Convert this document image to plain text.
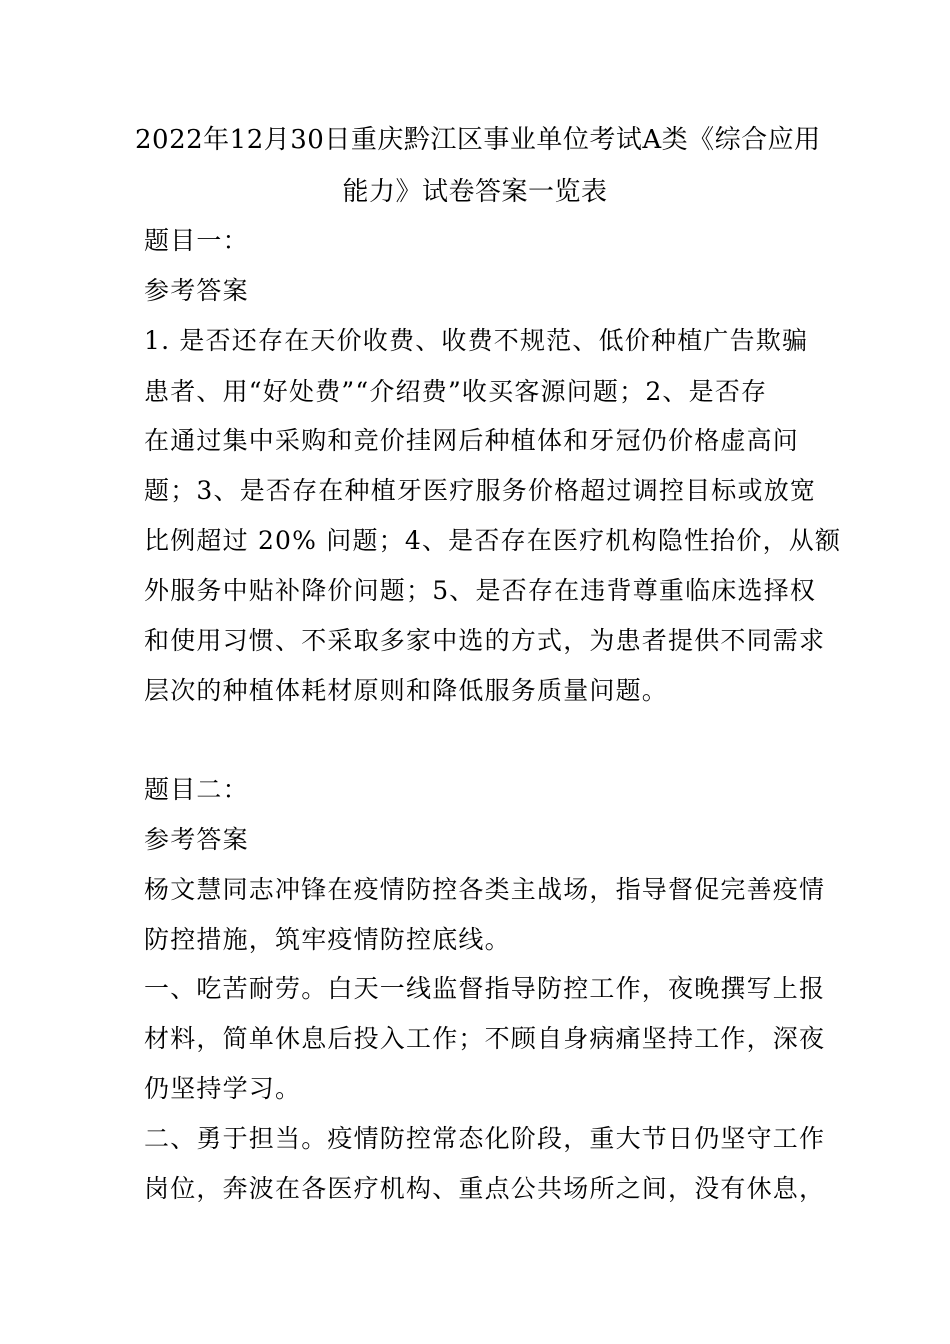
2022年12月30日重庆黔江区事业单位考试A类《综合应用
能力》试卷答案一览表
题目一：
参考答案
1. 是否还存在天价收费、收费不规范、低价种植广告欺骗
患者、用“好处费”“介绍费”收买客源问题；2、是否存
在通过集中采购和竞价挂网后种植体和牙冠仍价格虚高问
题；3、是否存在种植牙医疗服务价格超过调控目标或放宽
比例超过 20% 问题；4、是否存在医疗机构隐性抬价，从额
外服务中贴补降价问题；5、是否存在违背尊重临床选择权
和使用习惯、不采取多家中选的方式，为患者提供不同需求
层次的种植体耗材原则和降低服务质量问题。
题目二：
参考答案
杨文慧同志冲锋在疫情防控各类主战场，指导督促完善疫情
防控措施，筑牢疫情防控底线。
一、吃苦耐劳。白天一线监督指导防控工作，夜晚撰写上报
材料，简单休息后投入工作；不顾自身病痛坚持工作，深夜
仍坚持学习。
二、勇于担当。疫情防控常态化阶段，重大节日仍坚守工作
岗位，奔波在各医疗机构、重点公共场所之间，没有休息，
